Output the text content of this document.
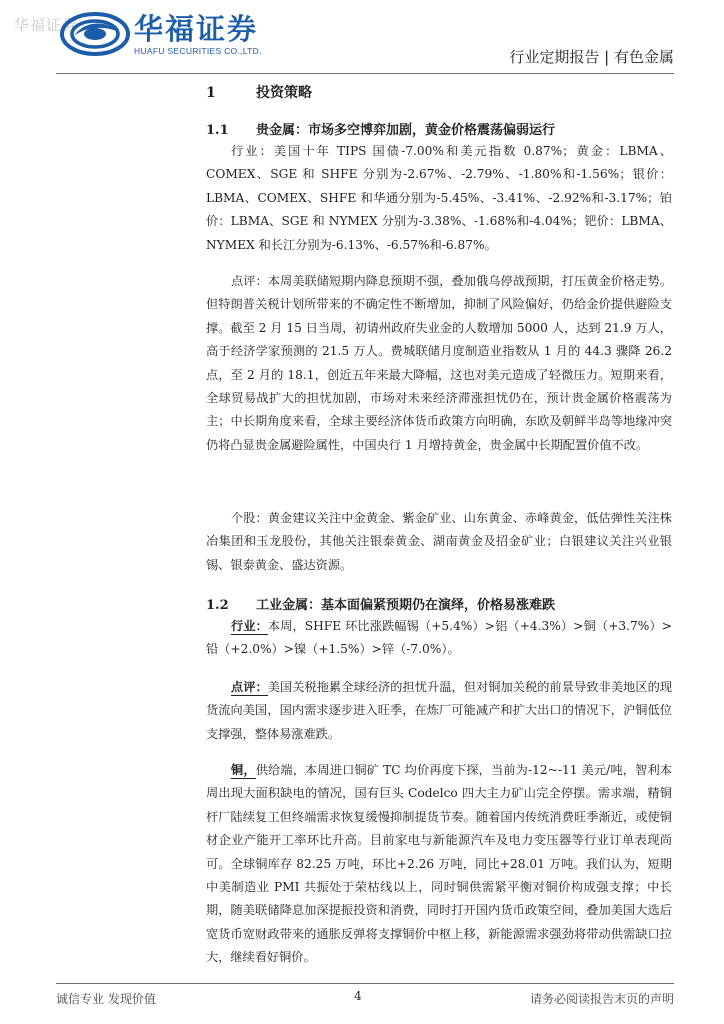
华福证券 华福证券
HUAFU SECURITIES CO.,LTD.	行业定期报告 | 有色金属
1	投资策略
1.1 贵金属：市场多空博弈加剧，黄金价格震荡偏弱运行
行业：美国十年 TIPS 国债-7.00%和美元指数 0.87%；黄金：LBMA、COMEX、SGE 和 SHFE 分别为-2.67%、-2.79%、-1.80%和-1.56%；银价：LBMA、COMEX、SHFE 和华通分别为-5.45%、-3.41%、-2.92%和-3.17%；铂价：LBMA、SGE 和 NYMEX 分别为-3.38%、-1.68%和-4.04%；钯价：LBMA、NYMEX 和长江分别为-6.13%、-6.57%和-6.87%。
点评：本周美联储短期内降息预期不强，叠加俄乌停战预期，打压黄金价格走势。但特朗普关税计划所带来的不确定性不断增加，抑制了风险偏好，仍给金价提供避险支撑。截至 2 月 15 日当周，初请州政府失业金的人数增加 5000 人，达到 21.9 万人，高于经济学家预测的 21.5 万人。费城联储月度制造业指数从 1 月的 44.3 骤降 26.2 点，至 2 月的 18.1，创近五年来最大降幅，这也对美元造成了轻微压力。短期来看，全球贸易战扩大的担忧加剧，市场对未来经济滞涨担忧仍在，预计贵金属价格震荡为主；中长期角度来看，全球主要经济体货币政策方向明确，东欧及朝鲜半岛等地缘冲突仍将凸显贵金属避险属性，中国央行 1 月增持黄金，贵金属中长期配置价值不改。
个股：黄金建议关注中金黄金、紫金矿业、山东黄金、赤峰黄金，低估弹性关注株冶集团和玉龙股份，其他关注银泰黄金、湖南黄金及招金矿业；白银建议关注兴业银锡、银泰黄金、盛达资源。
1.2 工业金属：基本面偏紧预期仍在演绎，价格易涨难跌
行业：本周，SHFE 环比涨跌幅锡（+5.4%）>铝（+4.3%）>铜（+3.7%）>铅（+2.0%）>镍（+1.5%）>锌（-7.0%）。
点评：美国关税拖累全球经济的担忧升温，但对铜加关税的前景导致非美地区的现货流向美国，国内需求逐步进入旺季，在炼厂可能减产和扩大出口的情况下，沪铜低位支撑强，整体易涨难跌。
铜，供给端，本周进口铜矿 TC 均价再度下探，当前为-12~-11 美元/吨，智利本周出现大面积缺电的情况，国有巨头 Codelco 四大主力矿山完全停摆。需求端，精铜杆厂陆续复工但终端需求恢复缓慢抑制提货节奏。随着国内传统消费旺季渐近，或使铜材企业产能开工率环比升高。目前家电与新能源汽车及电力变压器等行业订单表现尚可。全球铜库存 82.25 万吨，环比+2.26 万吨，同比+28.01 万吨。我们认为，短期中美制造业 PMI 共振处于荣枯线以上，同时铜供需紧平衡对铜价构成强支撑；中长期，随美联储降息加深提振投资和消费，同时打开国内货币政策空间，叠加美国大选后宽货币宽财政带来的通胀反弹将支撑铜价中枢上移，新能源需求强劲将带动供需缺口拉大，继续看好铜价。
诚信专业 发现价值	4	请务必阅读报告末页的声明
